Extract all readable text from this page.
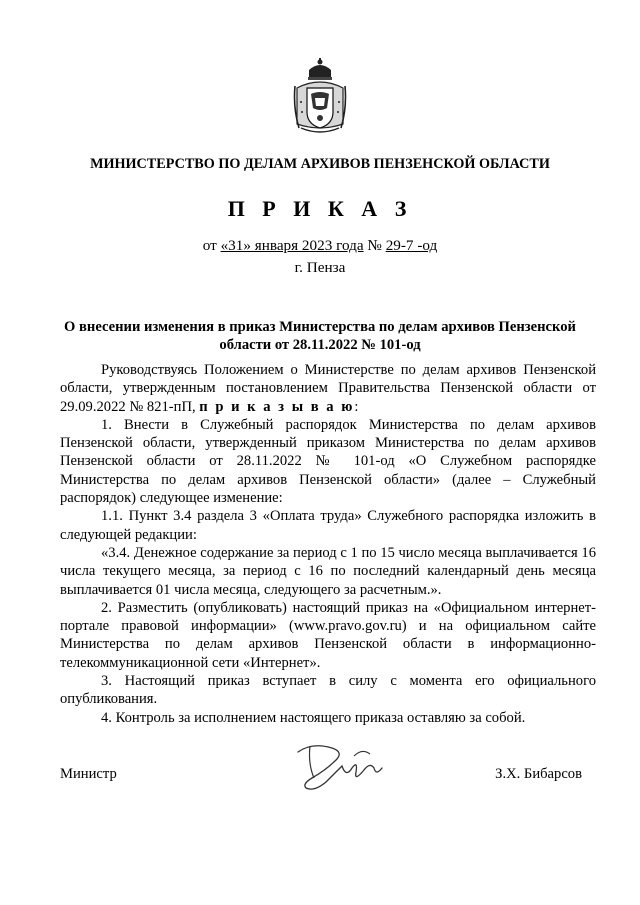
МИНИСТЕРСТВО ПО ДЕЛАМ АРХИВОВ ПЕНЗЕНСКОЙ ОБЛАСТИ
П Р И К А З
от «31» января 2023 года № 29-7 -од
г. Пенза
О внесении изменения в приказ Министерства по делам архивов Пензенской области от 28.11.2022 № 101-од

Руководствуясь Положением о Министерстве по делам архивов Пензенской области, утвержденным постановлением Правительства Пензенской области от 29.09.2022 № 821-пП, п р и к а з ы в а ю:

1. Внести в Служебный распорядок Министерства по делам архивов Пензенской области, утвержденный приказом Министерства по делам архивов Пензенской области от 28.11.2022 № 101-од «О Служебном распорядке Министерства по делам архивов Пензенской области» (далее – Служебный распорядок) следующее изменение:

1.1. Пункт 3.4 раздела 3 «Оплата труда» Служебного распорядка изложить в следующей редакции:

«3.4. Денежное содержание за период с 1 по 15 число месяца выплачивается 16 числа текущего месяца, за период с 16 по последний календарный день месяца выплачивается 01 числа месяца, следующего за расчетным.».

2. Разместить (опубликовать) настоящий приказ на «Официальном интернет-портале правовой информации» (www.pravo.gov.ru) и на официальном сайте Министерства по делам архивов Пензенской области в информационно-телекоммуникационной сети «Интернет».

3. Настоящий приказ вступает в силу с момента его официального опубликования.

4. Контроль за исполнением настоящего приказа оставляю за собой.

Министр	З.Х. Бибарсов
